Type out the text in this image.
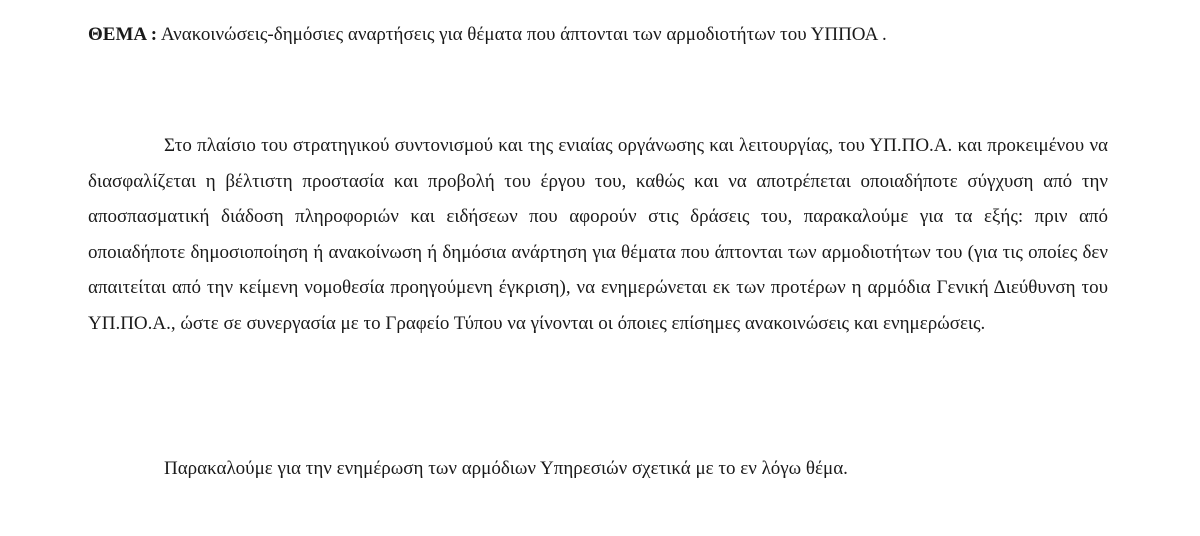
ΘΕΜΑ : Ανακοινώσεις-δημόσιες αναρτήσεις για θέματα που άπτονται των αρμοδιοτήτων του ΥΠΠΟΑ .

Στο πλαίσιο του στρατηγικού συντονισμού και της ενιαίας οργάνωσης και λειτουργίας, του ΥΠ.ΠΟ.Α. και προκειμένου να διασφαλίζεται η βέλτιστη προστασία και προβολή του έργου του, καθώς και να αποτρέπεται οποιαδήποτε σύγχυση από την αποσπασματική διάδοση πληροφοριών και ειδήσεων που αφορούν στις δράσεις του, παρακαλούμε για τα εξής: πριν από οποιαδήποτε δημοσιοποίηση ή ανακοίνωση ή δημόσια ανάρτηση για θέματα που άπτονται των αρμοδιοτήτων του (για τις οποίες δεν απαιτείται από την κείμενη νομοθεσία προηγούμενη έγκριση), να ενημερώνεται εκ των προτέρων η αρμόδια Γενική Διεύθυνση του ΥΠ.ΠΟ.Α., ώστε σε συνεργασία με το Γραφείο Τύπου να γίνονται οι όποιες επίσημες ανακοινώσεις και ενημερώσεις.

Παρακαλούμε για την ενημέρωση των αρμόδιων Υπηρεσιών σχετικά με το εν λόγω θέμα.
